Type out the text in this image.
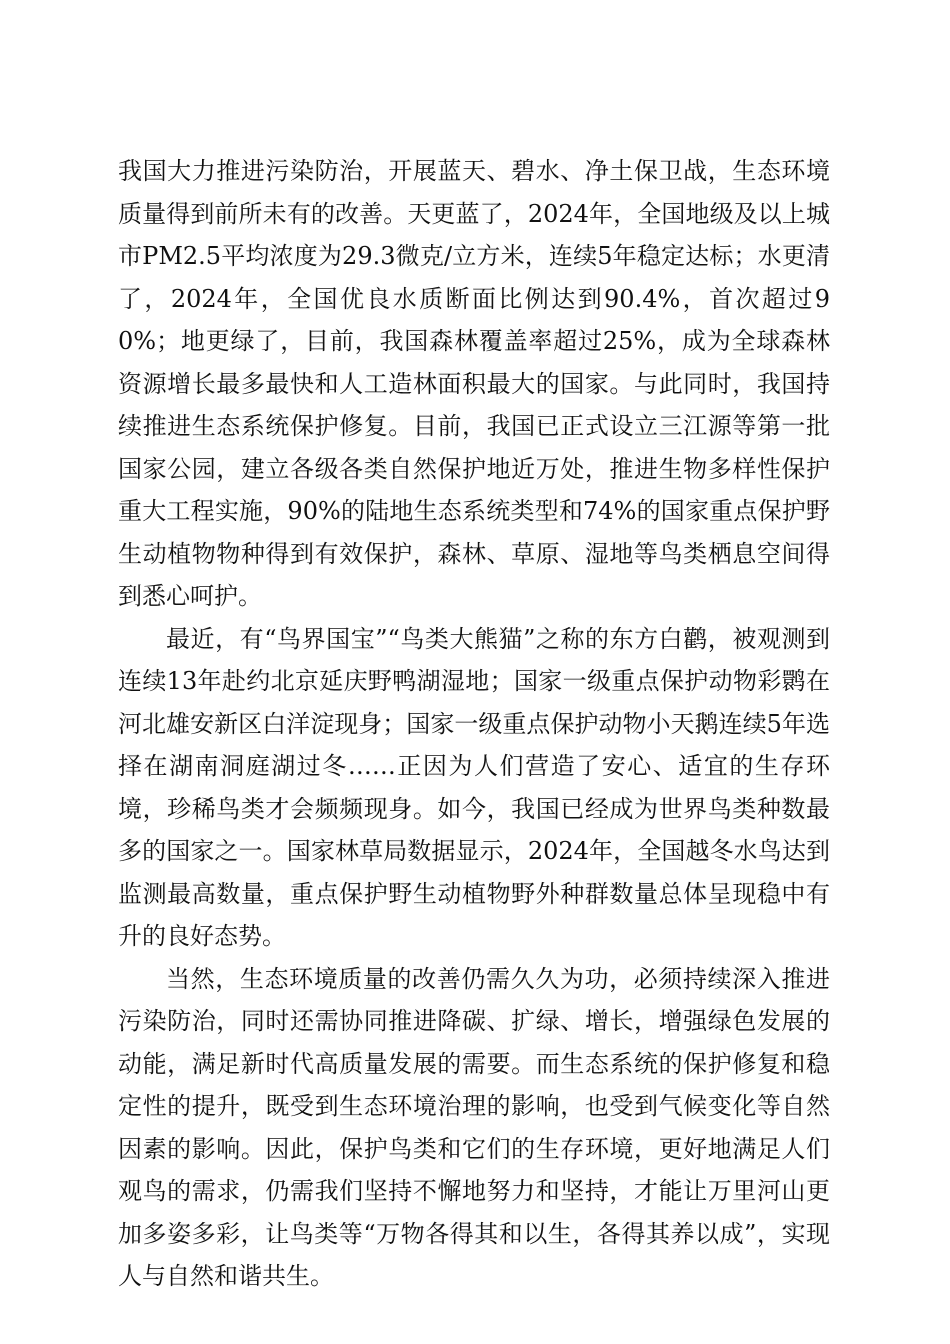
我国大力推进污染防治，开展蓝天、碧水、净土保卫战，生态环境质量得到前所未有的改善。天更蓝了，2024年，全国地级及以上城市PM2.5平均浓度为29.3微克/立方米，连续5年稳定达标；水更清了，2024年，全国优良水质断面比例达到90.4%，首次超过90%；地更绿了，目前，我国森林覆盖率超过25%，成为全球森林资源增长最多最快和人工造林面积最大的国家。与此同时，我国持续推进生态系统保护修复。目前，我国已正式设立三江源等第一批国家公园，建立各级各类自然保护地近万处，推进生物多样性保护重大工程实施，90%的陆地生态系统类型和74%的国家重点保护野生动植物物种得到有效保护，森林、草原、湿地等鸟类栖息空间得到悉心呵护。

最近，有“鸟界国宝”“鸟类大熊猫”之称的东方白鹳，被观测到连续13年赴约北京延庆野鸭湖湿地；国家一级重点保护动物彩鹮在河北雄安新区白洋淀现身；国家一级重点保护动物小天鹅连续5年选择在湖南洞庭湖过冬……正因为人们营造了安心、适宜的生存环境，珍稀鸟类才会频频现身。如今，我国已经成为世界鸟类种数最多的国家之一。国家林草局数据显示，2024年，全国越冬水鸟达到监测最高数量，重点保护野生动植物野外种群数量总体呈现稳中有升的良好态势。

当然，生态环境质量的改善仍需久久为功，必须持续深入推进污染防治，同时还需协同推进降碳、扩绿、增长，增强绿色发展的动能，满足新时代高质量发展的需要。而生态系统的保护修复和稳定性的提升，既受到生态环境治理的影响，也受到气候变化等自然因素的影响。因此，保护鸟类和它们的生存环境，更好地满足人们观鸟的需求，仍需我们坚持不懈地努力和坚持，才能让万里河山更加多姿多彩，让鸟类等“万物各得其和以生，各得其养以成”，实现人与自然和谐共生。
